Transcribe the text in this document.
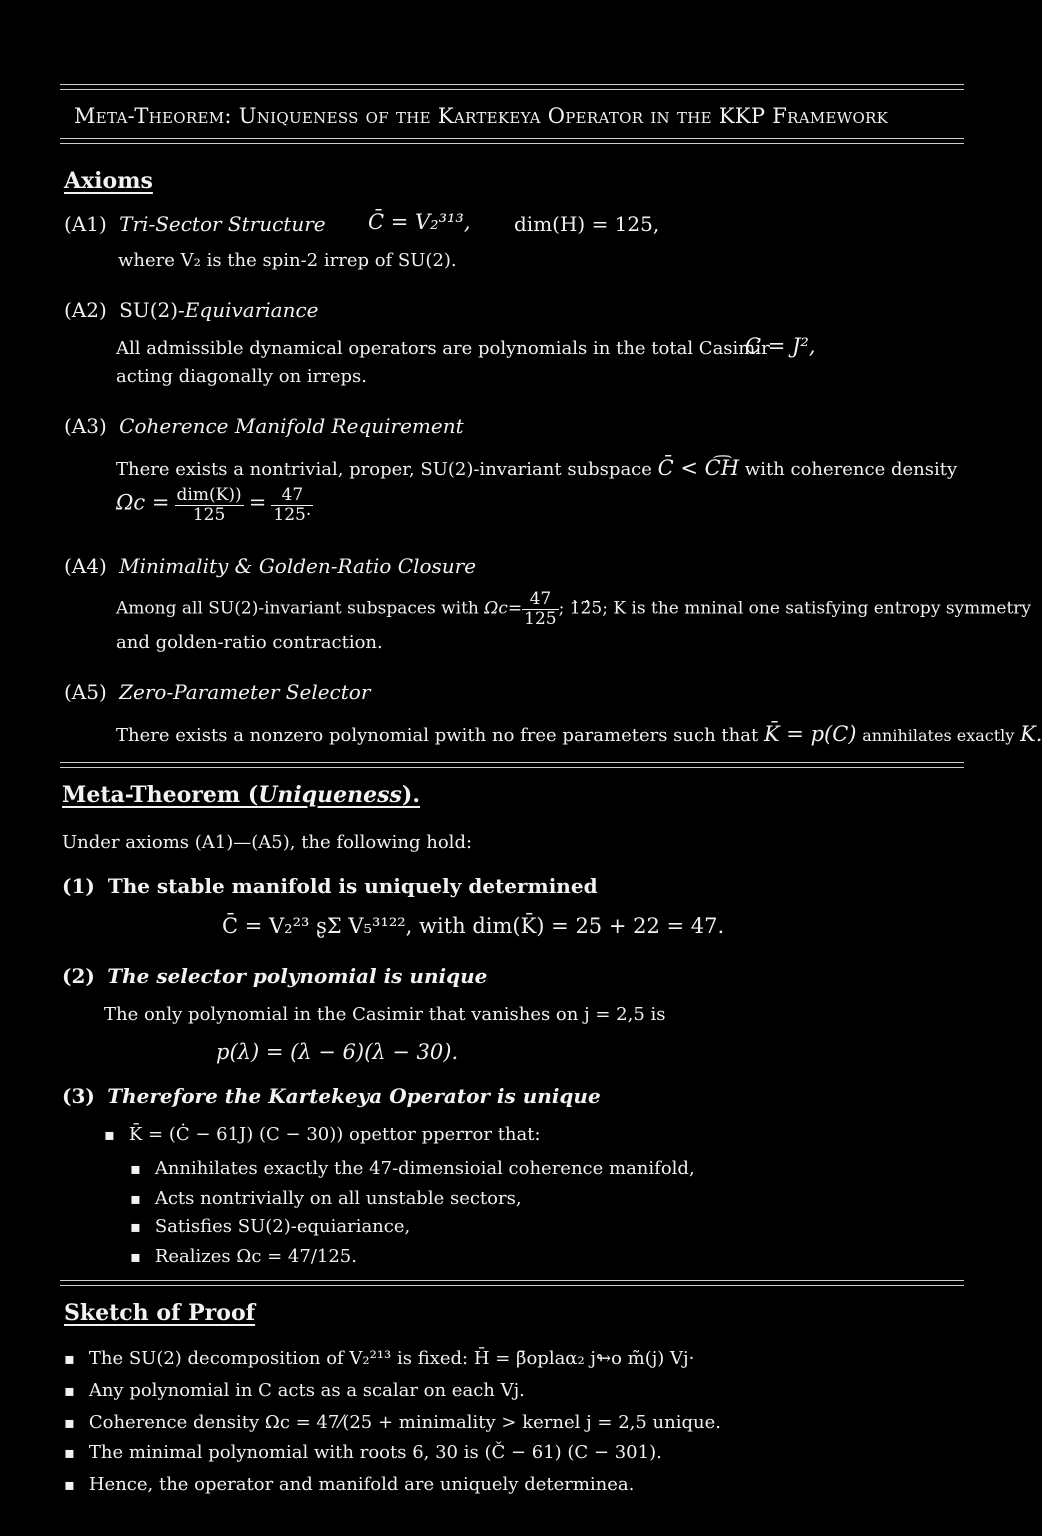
Meta-Theorem: Uniqueness of the Kartekeya Operator in the KKP Framework
Axioms
(A1) Tri-Sector Structure C̄ = V₂³¹³, dim(H) = 125,
where V₂ is the spin-2 irrep of SU(2).
(A2) SU(2)-Equivariance
All admissible dynamical operators are polynomials in the total Casimir
C = J²,
acting diagonally on irreps.
(A3) Coherence Manifold Requirement
There exists a nontrivial, proper, SU(2)-invariant subspace C̄ < C͡H with coherence density
$\Omega c = \frac{\text{dim(K))}}{125} = \frac{47}{125\cdot}$
(A4) Minimality & Golden-Ratio Closure
Among all SU(2)-invariant subspaces with $\Omega c= \frac{47}{125}$ ; 1̀2̂5; K is the mninal one satisfying entropy symmetry
and golden-ratio contraction.
(A5) Zero-Parameter Selector
There exists a nonzero polynomial pwith no free parameters such that K̄ = p(C) annihilates exactly K.
Meta-Theorem (Uniqueness).
Under axioms (A1)—(A5), the following hold:
(1) The stable manifold is uniquely determined
C̄ = V₂²³ ʂΣ V₅³¹²², with dim(K̄) = 25 + 22 = 47.
(2) The selector polynomial is unique
The only polynomial in the Casimir that vanishes on j = 2,5 is
p(λ) = (λ − 6)(λ − 30).
(3) Therefore the Kartekeya Operator is unique
▪ K̄ = (Ċ − 61J) (C − 30)) opettor pperror that:
▪ Annihilates exactly the 47-dimensioial coherence manifold,
▪ Acts nontrivially on all unstable sectors,
▪ Satisfies SU(2)-equiariance,
▪ Realizes Ωc = 47/125.
Sketch of Proof
▪ The SU(2) decomposition of V₂²¹³ is fixed: H̄ = β̄oplaα₂ j↬o m̃(j) Vj·
▪ Any polynomial in C acts as a scalar on each Vj.
▪ Coherence density Ωc = 47⁄(25 + minimality > kernel j = 2,5 unique.
▪ The minimal polynomial with roots 6, 30 is (Č − 61) (C − 301).
▪ Hence, the operator and manifold are uniquely determinea.
